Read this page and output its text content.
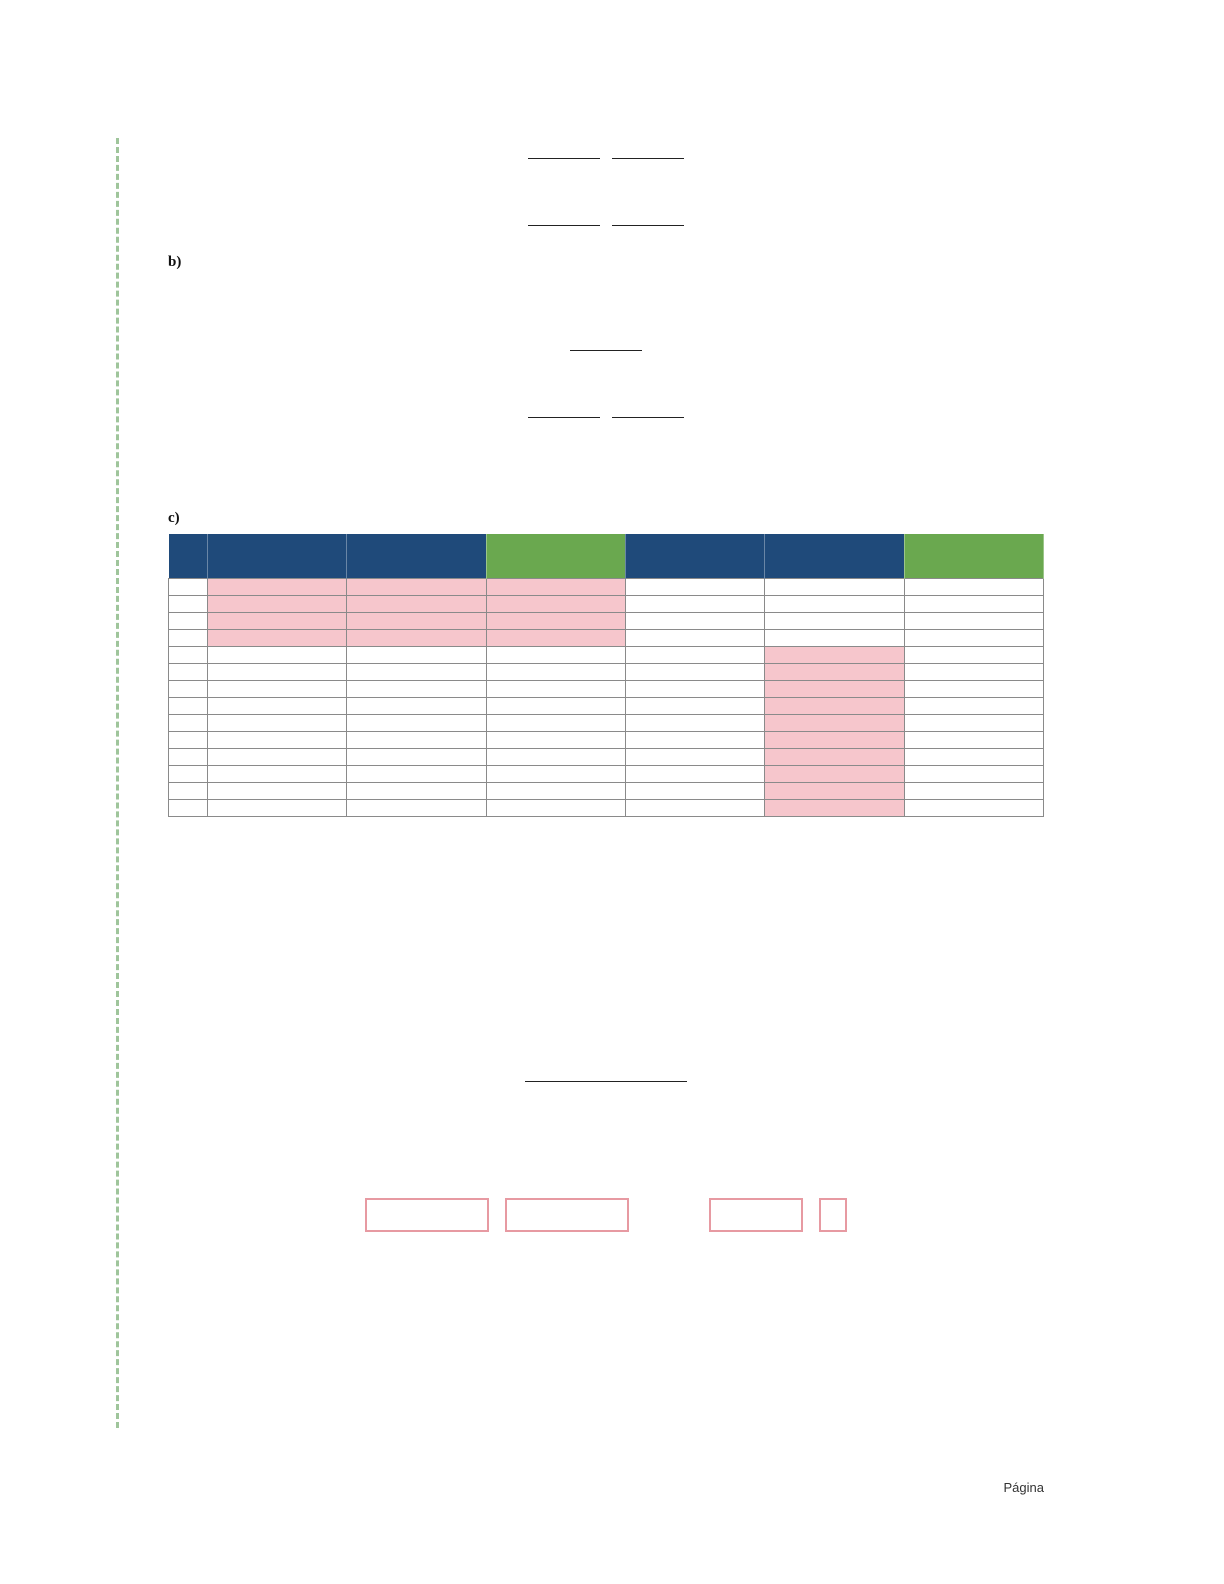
b)

c)

Página
